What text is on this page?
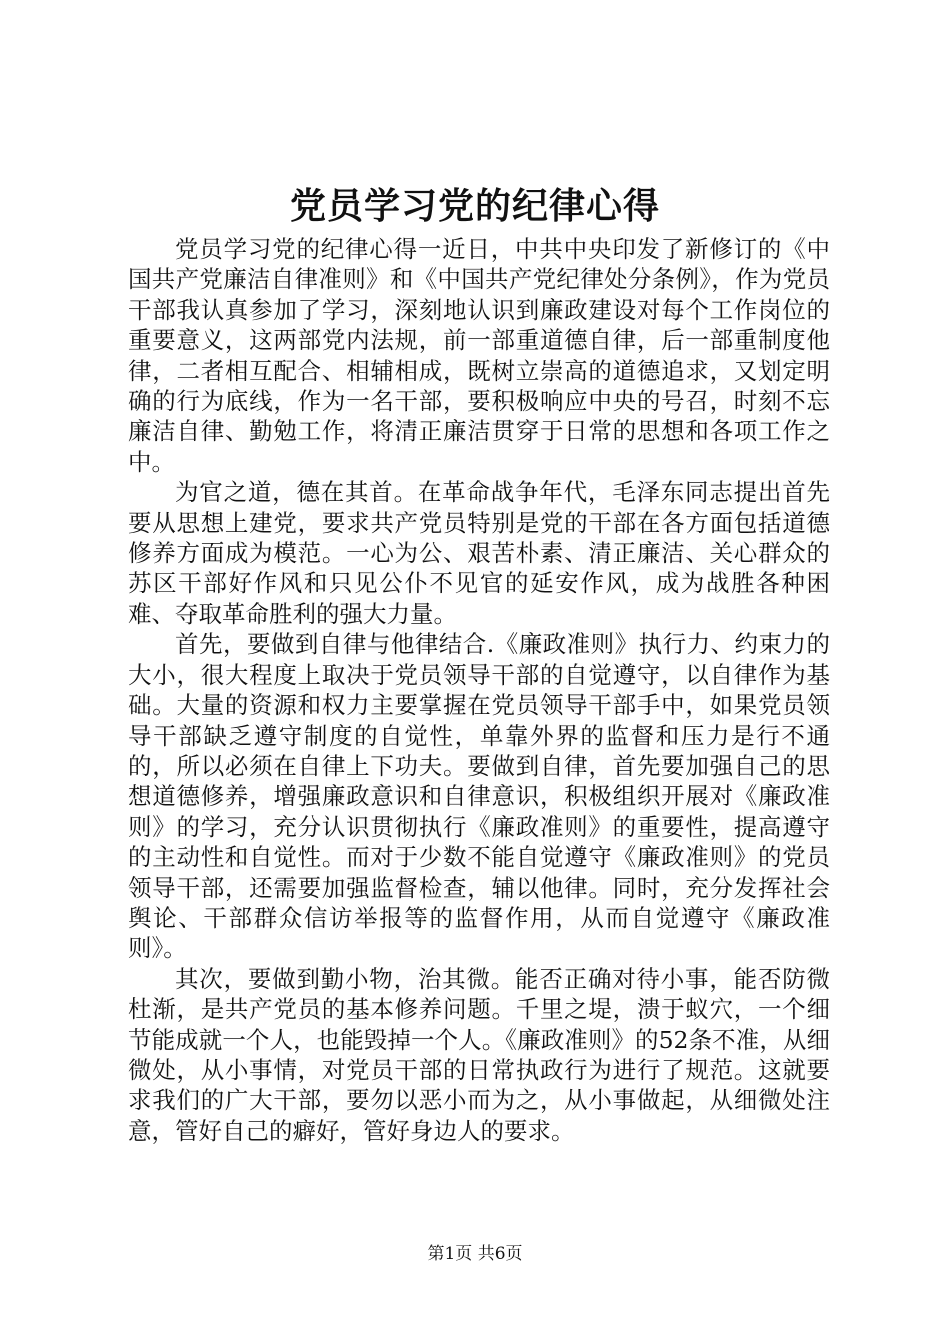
党员学习党的纪律心得

党员学习党的纪律心得一近日，中共中央印发了新修订的《中国共产党廉洁自律准则》和《中国共产党纪律处分条例》，作为党员干部我认真参加了学习，深刻地认识到廉政建设对每个工作岗位的重要意义，这两部党内法规，前一部重道德自律，后一部重制度他律，二者相互配合、相辅相成，既树立崇高的道德追求，又划定明确的行为底线，作为一名干部，要积极响应中央的号召，时刻不忘廉洁自律、勤勉工作，将清正廉洁贯穿于日常的思想和各项工作之中。

为官之道，德在其首。在革命战争年代，毛泽东同志提出首先要从思想上建党，要求共产党员特别是党的干部在各方面包括道德修养方面成为模范。一心为公、艰苦朴素、清正廉洁、关心群众的苏区干部好作风和只见公仆不见官的延安作风，成为战胜各种困难、夺取革命胜利的强大力量。

首先，要做到自律与他律结合.《廉政准则》执行力、约束力的大小，很大程度上取决于党员领导干部的自觉遵守，以自律作为基础。大量的资源和权力主要掌握在党员领导干部手中，如果党员领导干部缺乏遵守制度的自觉性，单靠外界的监督和压力是行不通的，所以必须在自律上下功夫。要做到自律，首先要加强自己的思想道德修养，增强廉政意识和自律意识，积极组织开展对《廉政准则》的学习，充分认识贯彻执行《廉政准则》的重要性，提高遵守的主动性和自觉性。而对于少数不能自觉遵守《廉政准则》的党员领导干部，还需要加强监督检查，辅以他律。同时，充分发挥社会舆论、干部群众信访举报等的监督作用，从而自觉遵守《廉政准则》。

其次，要做到勤小物，治其微。能否正确对待小事，能否防微杜渐，是共产党员的基本修养问题。千里之堤，溃于蚁穴，一个细节能成就一个人，也能毁掉一个人。《廉政准则》的52条不准，从细微处，从小事情，对党员干部的日常执政行为进行了规范。这就要求我们的广大干部，要勿以恶小而为之，从小事做起，从细微处注意，管好自己的癖好，管好身边人的要求。

第1页 共6页
